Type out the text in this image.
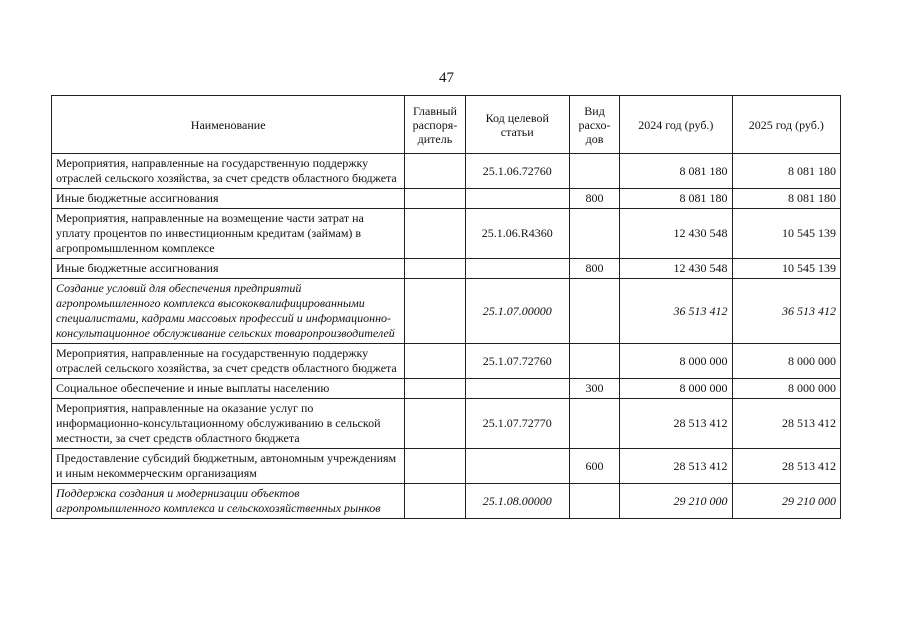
47
Наименование	Главный распоря-дитель	Код целевой статьи	Вид расхо-дов	2024 год (руб.)	2025 год (руб.)
Мероприятия, направленные на государственную поддержку отраслей сельского хозяйства, за счет средств областного бюджета		25.1.06.72760		8 081 180	8 081 180
Иные бюджетные ассигнования			800	8 081 180	8 081 180
Мероприятия, направленные на возмещение части затрат на уплату процентов по инвестиционным кредитам (займам) в агропромышленном комплексе		25.1.06.R4360		12 430 548	10 545 139
Иные бюджетные ассигнования			800	12 430 548	10 545 139
Создание условий для обеспечения предприятий агропромышленного комплекса высококвалифицированными специалистами, кадрами массовых профессий и информационно-консультационное обслуживание сельских товаропроизводителей		25.1.07.00000		36 513 412	36 513 412
Мероприятия, направленные на государственную поддержку отраслей сельского хозяйства, за счет средств областного бюджета		25.1.07.72760		8 000 000	8 000 000
Социальное обеспечение и иные выплаты населению			300	8 000 000	8 000 000
Мероприятия, направленные на оказание услуг по информационно-консультационному обслуживанию в сельской местности, за счет средств областного бюджета		25.1.07.72770		28 513 412	28 513 412
Предоставление субсидий бюджетным, автономным учреждениям и иным некоммерческим организациям			600	28 513 412	28 513 412
Поддержка создания и модернизации объектов агропромышленного комплекса и сельскохозяйственных рынков		25.1.08.00000		29 210 000	29 210 000
